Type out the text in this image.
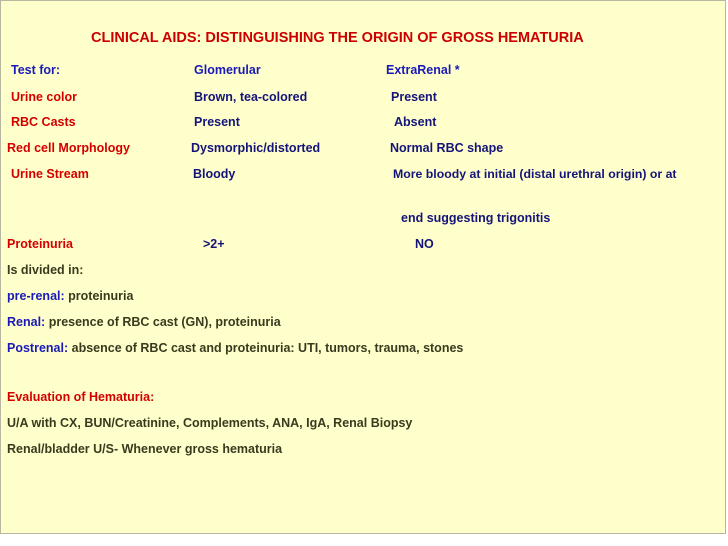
CLINICAL AIDS: DISTINGUISHING THE ORIGIN OF GROSS HEMATURIA
Test for:	Glomerular	ExtraRenal *
Urine color	Brown, tea-colored	Present
RBC Casts	Present	Absent
Red cell Morphology	Dysmorphic/distorted	Normal RBC shape
Urine Stream	Bloody	More bloody at initial (distal urethral origin) or at
end suggesting trigonitis
Proteinuria	>2+	NO
Is divided in:
pre-renal: proteinuria
Renal: presence of RBC cast (GN), proteinuria
Postrenal: absence of RBC cast and proteinuria: UTI, tumors, trauma, stones
Evaluation of Hematuria:
U/A with CX, BUN/Creatinine, Complements, ANA, IgA, Renal Biopsy
Renal/bladder U/S- Whenever gross hematuria
